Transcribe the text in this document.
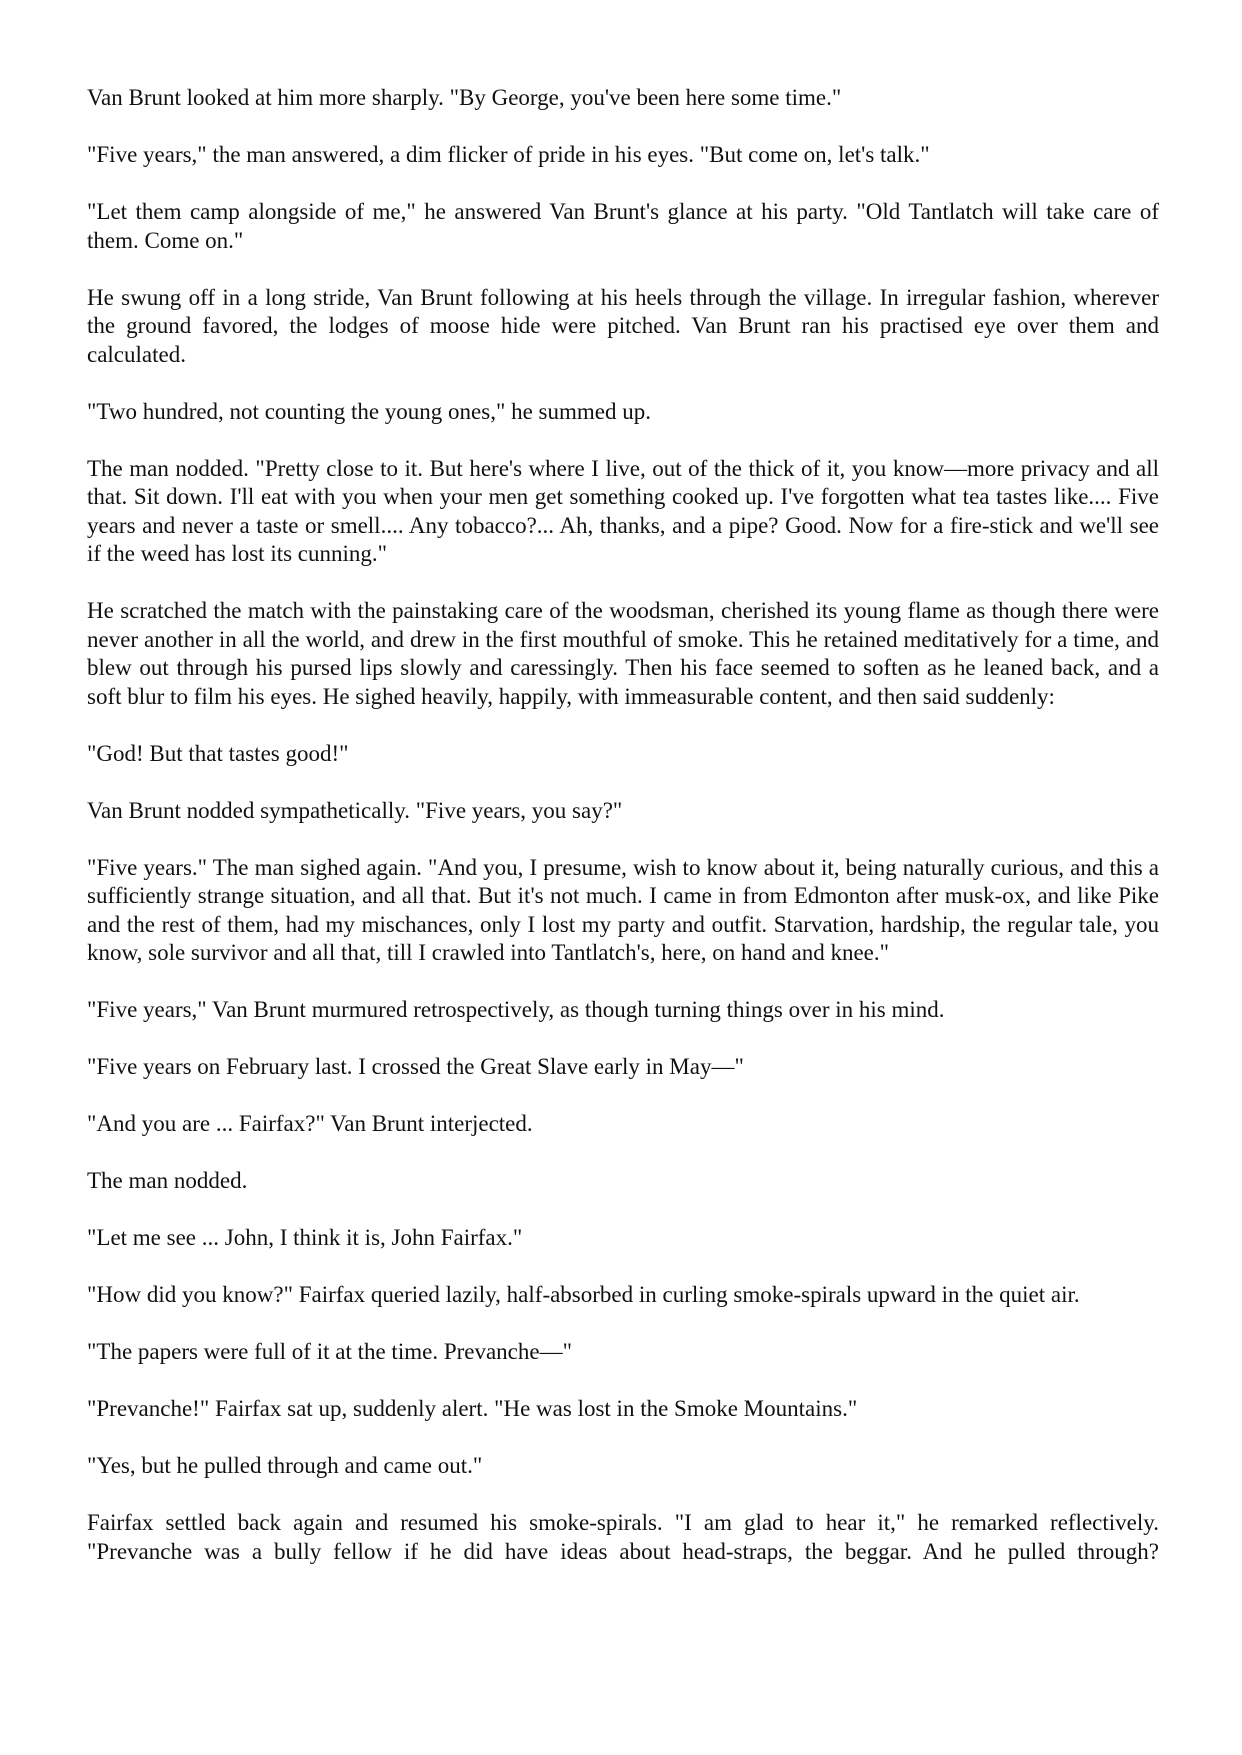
Van Brunt looked at him more sharply. "By George, you've been here some time."

"Five years," the man answered, a dim flicker of pride in his eyes. "But come on, let's talk."

"Let them camp alongside of me," he answered Van Brunt's glance at his party. "Old Tantlatch will take care of them. Come on."

He swung off in a long stride, Van Brunt following at his heels through the village. In irregular fashion, wherever the ground favored, the lodges of moose hide were pitched. Van Brunt ran his practised eye over them and calculated.

"Two hundred, not counting the young ones," he summed up.

The man nodded. "Pretty close to it. But here's where I live, out of the thick of it, you know—more privacy and all that. Sit down. I'll eat with you when your men get something cooked up. I've forgotten what tea tastes like.... Five years and never a taste or smell.... Any tobacco?... Ah, thanks, and a pipe? Good. Now for a fire-stick and we'll see if the weed has lost its cunning."

He scratched the match with the painstaking care of the woodsman, cherished its young flame as though there were never another in all the world, and drew in the first mouthful of smoke. This he retained meditatively for a time, and blew out through his pursed lips slowly and caressingly. Then his face seemed to soften as he leaned back, and a soft blur to film his eyes. He sighed heavily, happily, with immeasurable content, and then said suddenly:

"God! But that tastes good!"

Van Brunt nodded sympathetically. "Five years, you say?"

"Five years." The man sighed again. "And you, I presume, wish to know about it, being naturally curious, and this a sufficiently strange situation, and all that. But it's not much. I came in from Edmonton after musk-ox, and like Pike and the rest of them, had my mischances, only I lost my party and outfit. Starvation, hardship, the regular tale, you know, sole survivor and all that, till I crawled into Tantlatch's, here, on hand and knee."

"Five years," Van Brunt murmured retrospectively, as though turning things over in his mind.

"Five years on February last. I crossed the Great Slave early in May—"

"And you are ... Fairfax?" Van Brunt interjected.

The man nodded.

"Let me see ... John, I think it is, John Fairfax."

"How did you know?" Fairfax queried lazily, half-absorbed in curling smoke-spirals upward in the quiet air.

"The papers were full of it at the time. Prevanche—"

"Prevanche!" Fairfax sat up, suddenly alert. "He was lost in the Smoke Mountains."

"Yes, but he pulled through and came out."

Fairfax settled back again and resumed his smoke-spirals. "I am glad to hear it," he remarked reflectively. "Prevanche was a bully fellow if he did have ideas about head-straps, the beggar. And he pulled through?
